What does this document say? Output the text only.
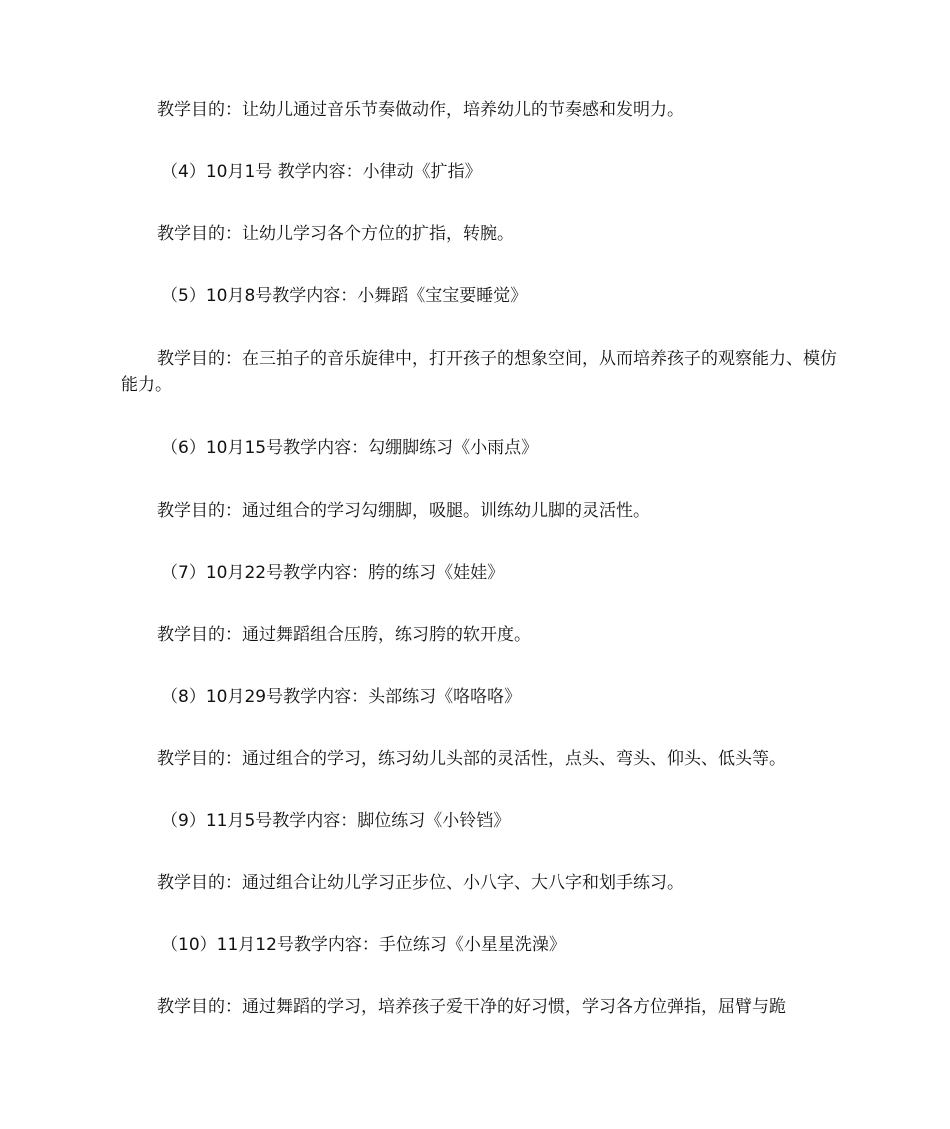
教学目的：让幼儿通过音乐节奏做动作，培养幼儿的节奏感和发明力。

（4）10月1号 教学内容：小律动《扩指》

教学目的：让幼儿学习各个方位的扩指，转腕。

（5）10月8号教学内容：小舞蹈《宝宝要睡觉》

教学目的：在三拍子的音乐旋律中，打开孩子的想象空间，从而培养孩子的观察能力、模仿能力。

（6）10月15号教学内容：勾绷脚练习《小雨点》

教学目的：通过组合的学习勾绷脚，吸腿。训练幼儿脚的灵活性。

（7）10月22号教学内容：胯的练习《娃娃》

教学目的：通过舞蹈组合压胯，练习胯的软开度。

（8）10月29号教学内容：头部练习《咯咯咯》

教学目的：通过组合的学习，练习幼儿头部的灵活性，点头、弯头、仰头、低头等。

（9）11月5号教学内容：脚位练习《小铃铛》

教学目的：通过组合让幼儿学习正步位、小八字、大八字和划手练习。

（10）11月12号教学内容：手位练习《小星星洗澡》

教学目的：通过舞蹈的学习，培养孩子爱干净的好习惯，学习各方位弹指，屈臂与跪
